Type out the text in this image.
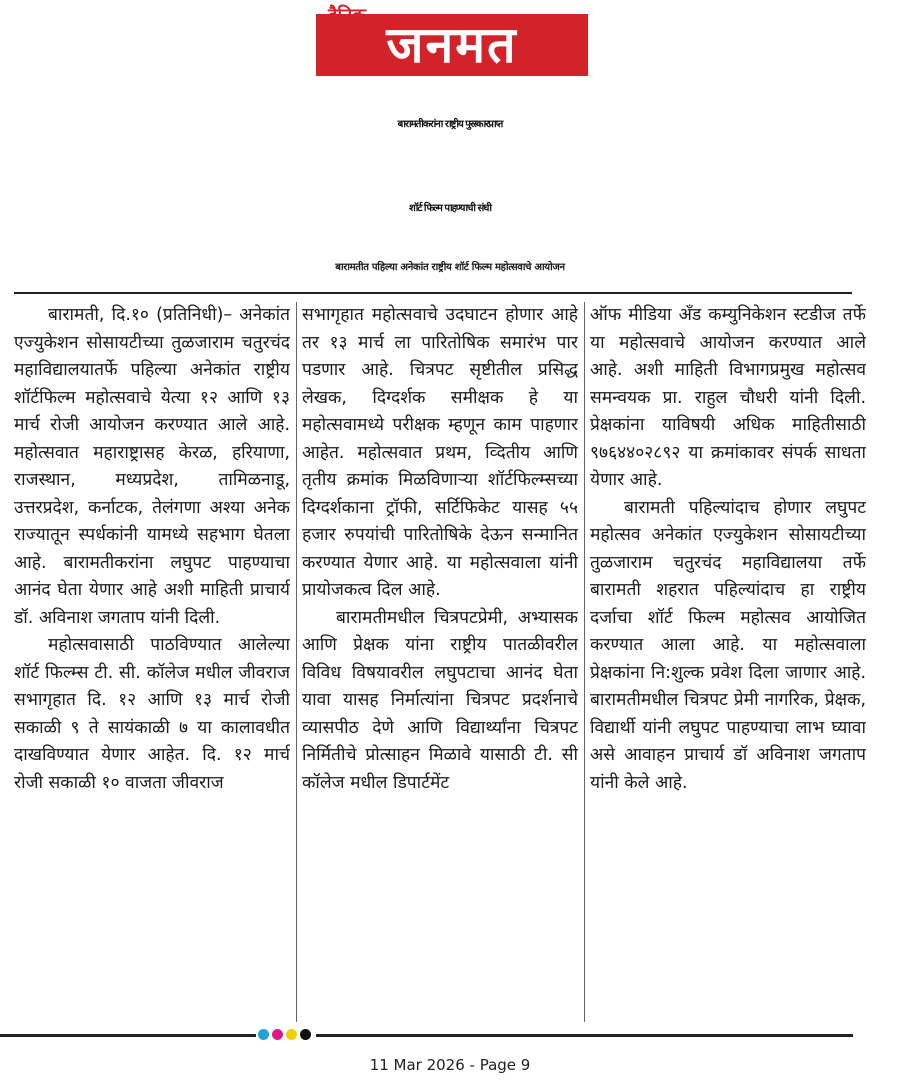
जनमत
बारामतीकरांना राष्ट्रीय पुरस्कारप्राप्त
शॉर्ट फिल्म पाहण्याची संधी
बारामतीत पहिल्या अनेकांत राष्ट्रीय शॉर्ट फिल्म महोत्सवाचे आयोजन

बारामती, दि.१० (प्रतिनिधी)– अनेकांत एज्युकेशन सोसायटीच्या तुळजाराम चतुरचंद महाविद्यालयातर्फे पहिल्या अनेकांत राष्ट्रीय शॉर्टफिल्म महोत्सवाचे येत्या १२ आणि १३ मार्च रोजी आयोजन करण्यात आले आहे. महोत्सवात महाराष्ट्रासह केरळ, हरियाणा, राजस्थान, मध्यप्रदेश, तामिळनाडू, उत्तरप्रदेश, कर्नाटक, तेलंगणा अश्या अनेक राज्यातून स्पर्धकांनी यामध्ये सहभाग घेतला आहे. बारामतीकरांना लघुपट पाहण्याचा आनंद घेता येणार आहे अशी माहिती प्राचार्य डॉ. अविनाश जगताप यांनी दिली.

महोत्सवासाठी पाठविण्यात आलेल्या शॉर्ट फिल्म्स टी. सी. कॉलेज मधील जीवराज सभागृहात दि. १२ आणि १३ मार्च रोजी सकाळी ९ ते सायंकाळी ७ या कालावधीत दाखविण्यात येणार आहेत. दि. १२ मार्च रोजी सकाळी १० वाजता जीवराज

सभागृहात महोत्सवाचे उदघाटन होणार आहे तर १३ मार्च ला पारितोषिक समारंभ पार पडणार आहे. चित्रपट सृष्टीतील प्रसिद्ध लेखक, दिग्दर्शक समीक्षक हे या महोत्सवामध्ये परीक्षक म्हणून काम पाहणार आहेत. महोत्सवात प्रथम, व्दितीय आणि तृतीय क्रमांक मिळविणाऱ्या शॉर्टफिल्म्सच्या दिग्दर्शकाना ट्रॉफी, सर्टिफिकेट यासह ५५ हजार रुपयांची पारितोषिके देऊन सन्मानित करण्यात येणार आहे. या महोत्सवाला यांनी प्रायोजकत्व दिल आहे.

बारामतीमधील चित्रपटप्रेमी, अभ्यासक आणि प्रेक्षक यांना राष्ट्रीय पातळीवरील विविध विषयावरील लघुपटाचा आनंद घेता यावा यासह निर्मात्यांना चित्रपट प्रदर्शनाचे व्यासपीठ देणे आणि विद्यार्थ्यांना चित्रपट निर्मितीचे प्रोत्साहन मिळावे यासाठी टी. सी कॉलेज मधील डिपार्टमेंट

ऑफ मीडिया अँड कम्युनिकेशन स्टडीज तर्फे या महोत्सवाचे आयोजन करण्यात आले आहे. अशी माहिती विभागप्रमुख महोत्सव समन्वयक प्रा. राहुल चौधरी यांनी दिली. प्रेक्षकांना याविषयी अधिक माहितीसाठी ९७६४४०२८९२ या क्रमांकावर संपर्क साधता येणार आहे.

बारामती पहिल्यांदाच होणार लघुपट महोत्सव अनेकांत एज्युकेशन सोसायटीच्या तुळजाराम चतुरचंद महाविद्यालया तर्फे बारामती शहरात पहिल्यांदाच हा राष्ट्रीय दर्जाचा शॉर्ट फिल्म महोत्सव आयोजित करण्यात आला आहे. या महोत्सवाला प्रेक्षकांना नि:शुल्क प्रवेश दिला जाणार आहे. बारामतीमधील चित्रपट प्रेमी नागरिक, प्रेक्षक, विद्यार्थी यांनी लघुपट पाहण्याचा लाभ घ्यावा असे आवाहन प्राचार्य डॉ अविनाश जगताप यांनी केले आहे.

11 Mar 2026 - Page 9
